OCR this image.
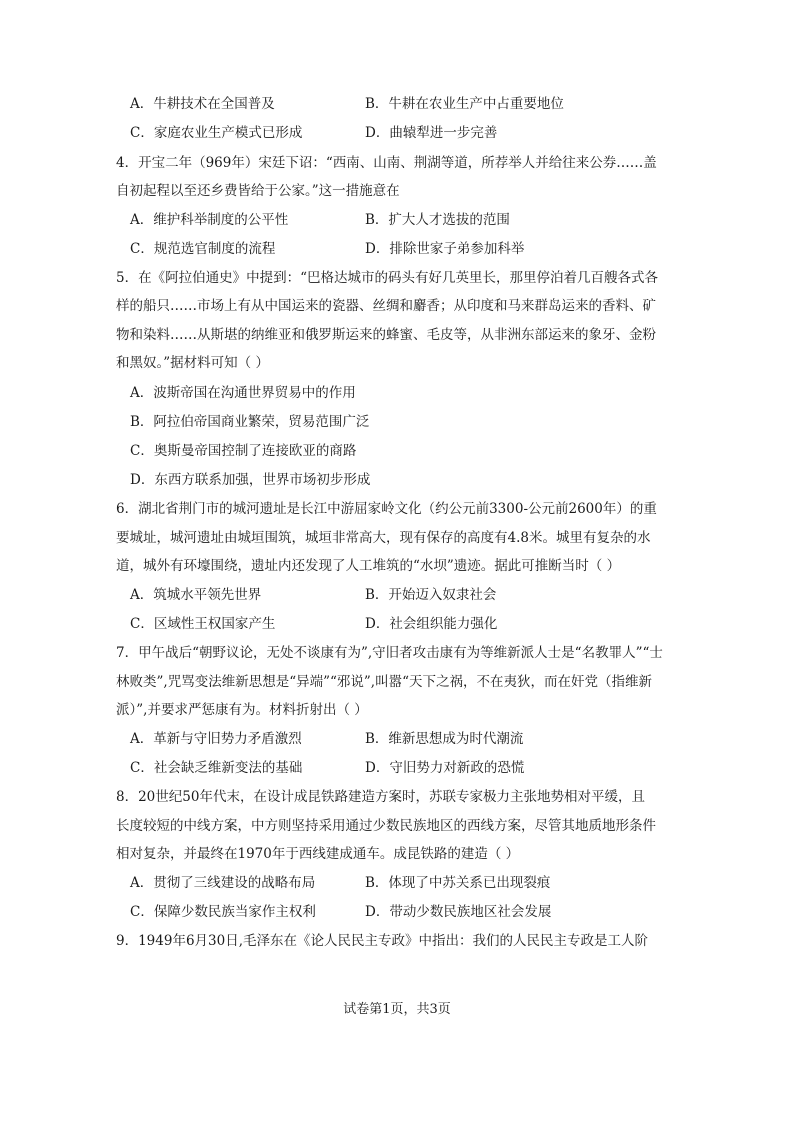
A．牛耕技术在全国普及	B．牛耕在农业生产中占重要地位
C．家庭农业生产模式已形成	D．曲辕犁进一步完善
4．开宝二年（969年）宋廷下诏：“西南、山南、荆湖等道，所荐举人并给往来公券……盖
自初起程以至还乡费皆给于公家。”这一措施意在
A．维护科举制度的公平性	B．扩大人才选拔的范围
C．规范选官制度的流程	D．排除世家子弟参加科举
5．在《阿拉伯通史》中提到：“巴格达城市的码头有好几英里长，那里停泊着几百艘各式各
样的船只……市场上有从中国运来的瓷器、丝绸和麝香；从印度和马来群岛运来的香料、矿
物和染料……从斯堪的纳维亚和俄罗斯运来的蜂蜜、毛皮等，从非洲东部运来的象牙、金粉
和黑奴。”据材料可知（ ）
A．波斯帝国在沟通世界贸易中的作用
B．阿拉伯帝国商业繁荣，贸易范围广泛
C．奥斯曼帝国控制了连接欧亚的商路
D．东西方联系加强，世界市场初步形成
6．湖北省荆门市的城河遗址是长江中游屈家岭文化（约公元前3300-公元前2600年）的重
要城址，城河遗址由城垣围筑，城垣非常高大，现有保存的高度有4.8米。城里有复杂的水
道，城外有环壕围绕，遗址内还发现了人工堆筑的“水坝”遗迹。据此可推断当时（ ）
A．筑城水平领先世界	B．开始迈入奴隶社会
C．区域性王权国家产生	D．社会组织能力强化
7．甲午战后“朝野议论，无处不谈康有为”,守旧者攻击康有为等维新派人士是“名教罪人”“士
林败类”,咒骂变法维新思想是“异端”“邪说”,叫嚣“天下之祸，不在夷狄，而在奸党（指维新
派）”,并要求严惩康有为。材料折射出（ ）
A．革新与守旧势力矛盾激烈	B．维新思想成为时代潮流
C．社会缺乏维新变法的基础	D．守旧势力对新政的恐慌
8．20世纪50年代末，在设计成昆铁路建造方案时，苏联专家极力主张地势相对平缓，且
长度较短的中线方案，中方则坚持采用通过少数民族地区的西线方案，尽管其地质地形条件
相对复杂，并最终在1970年于西线建成通车。成昆铁路的建造（ ）
A．贯彻了三线建设的战略布局	B．体现了中苏关系已出现裂痕
C．保障少数民族当家作主权利	D．带动少数民族地区社会发展
9．1949年6月30日,毛泽东在《论人民民主专政》中指出：我们的人民民主专政是工人阶
试卷第1页，共3页
